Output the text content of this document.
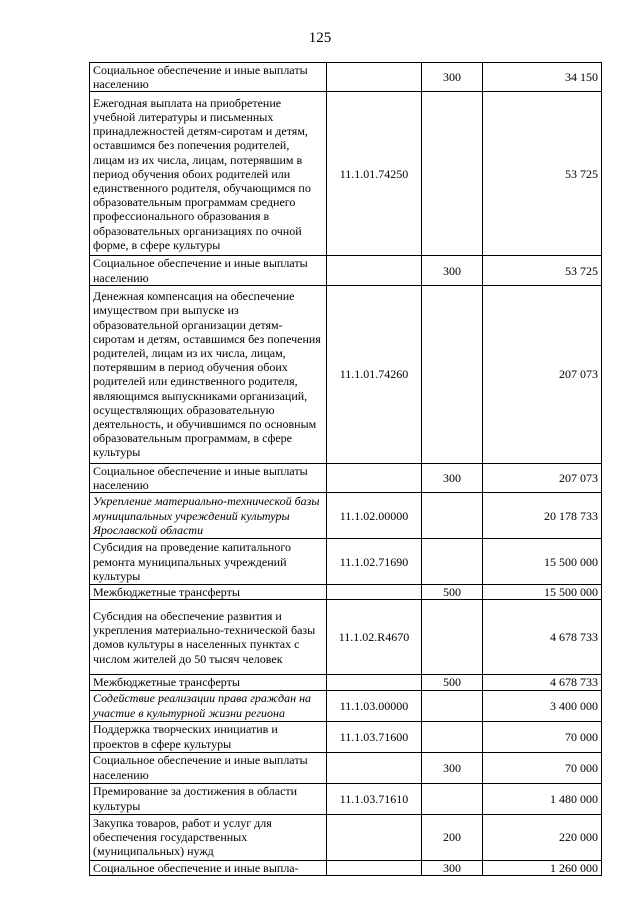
125
Социальное обеспечение и иные выплаты населению		300	34 150
Ежегодная выплата на приобретение учебной литературы и письменных принадлежностей детям-сиротам и детям, оставшимся без попечения родителей, лицам из их числа, лицам, потерявшим в период обучения обоих родителей или единственного родителя, обучающимся по образовательным программам среднего профессионального образования в образовательных организациях по очной форме, в сфере культуры	11.1.01.74250		53 725
Социальное обеспечение и иные выплаты населению		300	53 725
Денежная компенсация на обеспечение имуществом при выпуске из образовательной организации детям-сиротам и детям, оставшимся без попечения родителей, лицам из их числа, лицам, потерявшим в период обучения обоих родителей или единственного родителя, являющимся выпускниками организаций, осуществляющих образовательную деятельность, и обучившимся по основным образовательным программам, в сфере культуры	11.1.01.74260		207 073
Социальное обеспечение и иные выплаты населению		300	207 073
Укрепление материально-технической базы муниципальных учреждений культуры Ярославской области	11.1.02.00000		20 178 733
Субсидия на проведение капитального ремонта муниципальных учреждений культуры	11.1.02.71690		15 500 000
Межбюджетные трансферты		500	15 500 000
Субсидия на обеспечение развития и укрепления материально-технической базы домов культуры в населенных пунктах с числом жителей до 50 тысяч человек	11.1.02.R4670		4 678 733
Межбюджетные трансферты		500	4 678 733
Содействие реализации права граждан на участие в культурной жизни региона	11.1.03.00000		3 400 000
Поддержка творческих инициатив и проектов в сфере культуры	11.1.03.71600		70 000
Социальное обеспечение и иные выплаты населению		300	70 000
Премирование за достижения в области культуры	11.1.03.71610		1 480 000
Закупка товаров, работ и услуг для обеспечения государственных (муниципальных) нужд		200	220 000
Социальное обеспечение и иные выпла-		300	1 260 000
